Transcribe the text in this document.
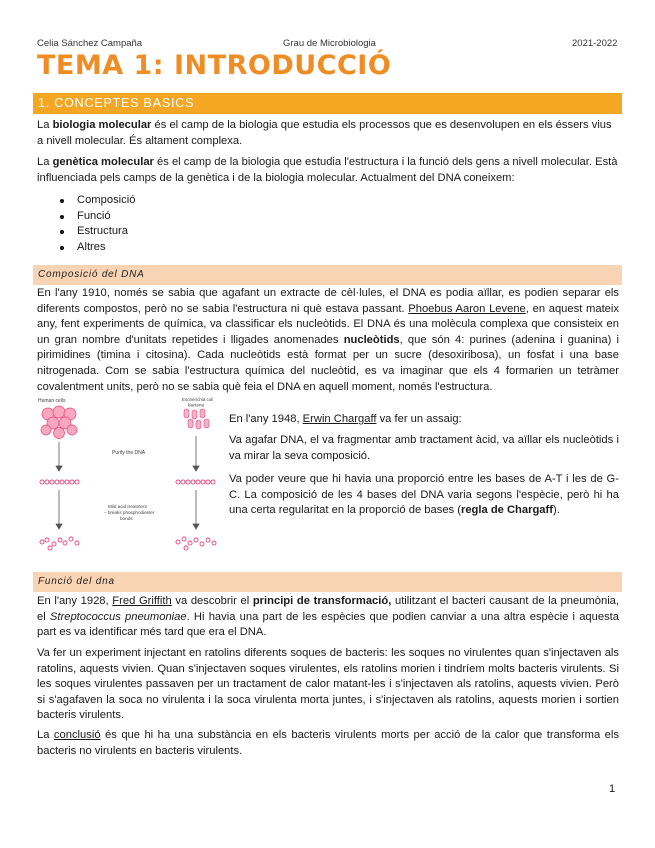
Celia Sánchez Campaña	Grau de Microbiologia	2021-2022
TEMA 1: INTRODUCCIÓ
1. CONCEPTES BASICS
La biologia molecular és el camp de la biologia que estudia els processos que es desenvolupen en els éssers vius a nivell molecular. És altament complexa.
La genètica molecular és el camp de la biologia que estudia l'estructura i la funció dels gens a nivell molecular. Està influenciada pels camps de la genètica i de la biologia molecular. Actualment del DNA coneixem:
Composició
Funció
Estructura
Altres
Composició del DNA
En l'any 1910, només se sabia que agafant un extracte de cèl·lules, el DNA es podia aïllar, es podien separar els diferents compostos, però no se sabia l'estructura ni què estava passant. Phoebus Aaron Levene, en aquest mateix any, fent experiments de química, va classificar els nucleòtids. El DNA és una molècula complexa que consisteix en un gran nombre d'unitats repetides i lligades anomenades nucleòtids, que són 4: purines (adenina i guanina) i pirimidines (timina i citosina). Cada nucleòtids està format per un sucre (desoxiribosa), un fosfat i una base nitrogenada. Com se sabia l'estructura química del nucleòtid, es va imaginar que els 4 formarien un tetràmer covalentment units, però no se sabia què feia el DNA en aquell moment, només l'estructura.
Human cells	Escherichia coli bacteria
Purify the DNA
Mild acid treatment – breaks phosphodiester bonds
En l'any 1948, Erwin Chargaff va fer un assaig:
Va agafar DNA, el va fragmentar amb tractament àcid, va aïllar els nucleòtids i va mirar la seva composició.
Va poder veure que hi havia una proporció entre les bases de A-T i les de G-C. La composició de les 4 bases del DNA varia segons l'espècie, però hi ha una certa regularitat en la proporció de bases (regla de Chargaff).
Funció del dna
En l'any 1928, Fred Griffith va descobrir el principi de transformació, utilitzant el bacteri causant de la pneumònia, el Streptococcus pneumoniae. Hi havia una part de les espècies que podien canviar a una altra espècie i aquesta part es va identificar més tard que era el DNA.
Va fer un experiment injectant en ratolins diferents soques de bacteris: les soques no virulentes quan s'injectaven als ratolins, aquests vivien. Quan s'injectaven soques virulentes, els ratolins morien i tindríem molts bacteris virulents. Si les soques virulentes passaven per un tractament de calor matant-les i s'injectaven als ratolins, aquests vivien. Però si s'agafaven la soca no virulenta i la soca virulenta morta juntes, i s'injectaven als ratolins, aquests morien i sortien bacteris virulents.
La conclusió és que hi ha una substància en els bacteris virulents morts per acció de la calor que transforma els bacteris no virulents en bacteris virulents.
1
